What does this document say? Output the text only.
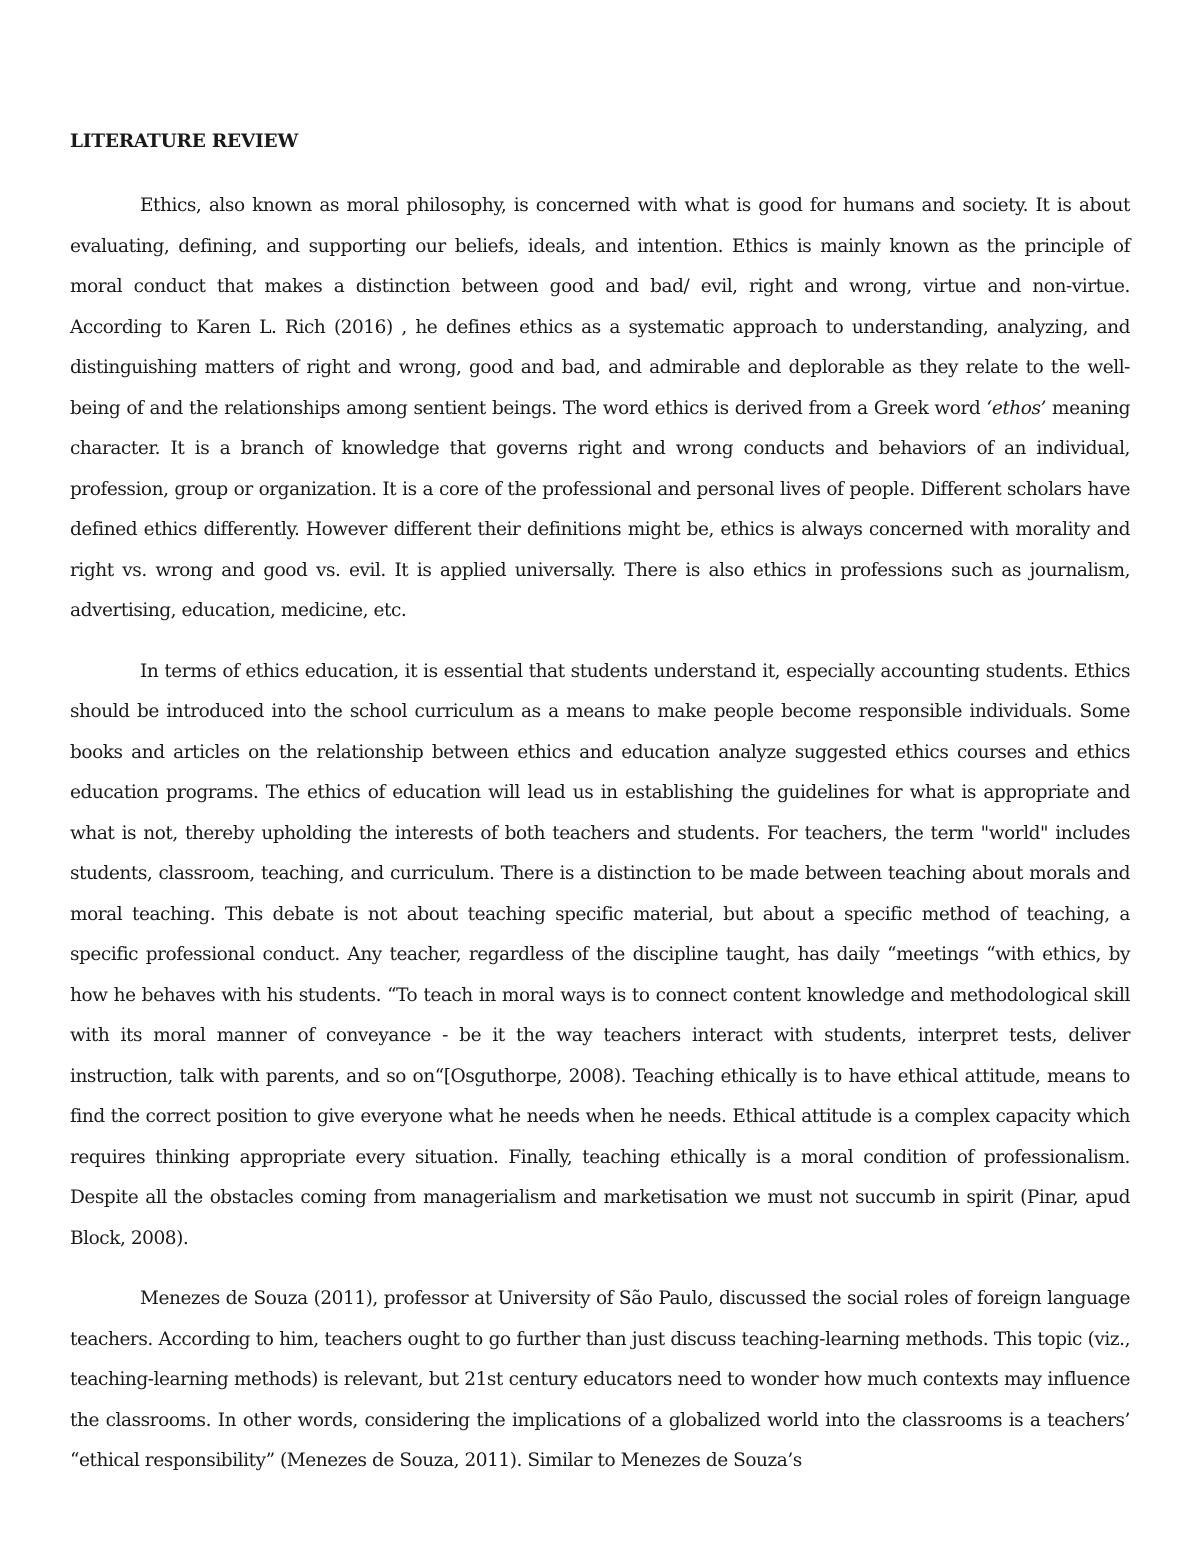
LITERATURE REVIEW

Ethics, also known as moral philosophy, is concerned with what is good for humans and society. It is about evaluating, defining, and supporting our beliefs, ideals, and intention. Ethics is mainly known as the principle of moral conduct that makes a distinction between good and bad/ evil, right and wrong, virtue and non-virtue. According to Karen L. Rich (2016) , he defines ethics as a systematic approach to understanding, analyzing, and distinguishing matters of right and wrong, good and bad, and admirable and deplorable as they relate to the well-being of and the relationships among sentient beings. The word ethics is derived from a Greek word ‘ethos’ meaning character. It is a branch of knowledge that governs right and wrong conducts and behaviors of an individual, profession, group or organization. It is a core of the professional and personal lives of people. Different scholars have defined ethics differently. However different their definitions might be, ethics is always concerned with morality and right vs. wrong and good vs. evil. It is applied universally. There is also ethics in professions such as journalism, advertising, education, medicine, etc.

In terms of ethics education, it is essential that students understand it, especially accounting students. Ethics should be introduced into the school curriculum as a means to make people become responsible individuals. Some books and articles on the relationship between ethics and education analyze suggested ethics courses and ethics education programs. The ethics of education will lead us in establishing the guidelines for what is appropriate and what is not, thereby upholding the interests of both teachers and students. For teachers, the term "world" includes students, classroom, teaching, and curriculum. There is a distinction to be made between teaching about morals and moral teaching. This debate is not about teaching specific material, but about a specific method of teaching, a specific professional conduct. Any teacher, regardless of the discipline taught, has daily “meetings “with ethics, by how he behaves with his students. “To teach in moral ways is to connect content knowledge and methodological skill with its moral manner of conveyance - be it the way teachers interact with students, interpret tests, deliver instruction, talk with parents, and so on“[Osguthorpe, 2008). Teaching ethically is to have ethical attitude, means to find the correct position to give everyone what he needs when he needs. Ethical attitude is a complex capacity which requires thinking appropriate every situation. Finally, teaching ethically is a moral condition of professionalism. Despite all the obstacles coming from managerialism and marketisation we must not succumb in spirit (Pinar, apud Block, 2008).

Menezes de Souza (2011), professor at University of São Paulo, discussed the social roles of foreign language teachers. According to him, teachers ought to go further than just discuss teaching-learning methods. This topic (viz., teaching-learning methods) is relevant, but 21st century educators need to wonder how much contexts may influence the classrooms. In other words, considering the implications of a globalized world into the classrooms is a teachers’ “ethical responsibility” (Menezes de Souza, 2011). Similar to Menezes de Souza’s
